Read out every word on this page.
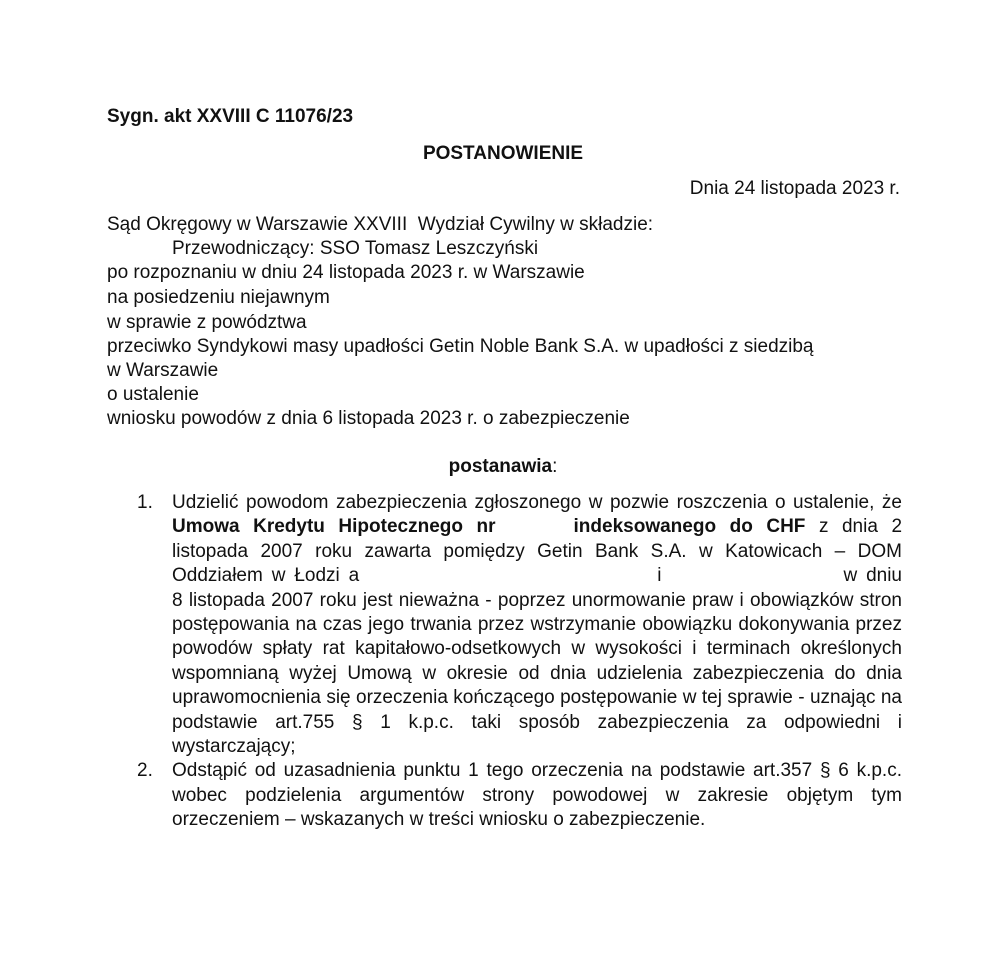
Sygn. akt XXVIII C 11076/23
POSTANOWIENIE
Dnia 24 listopada 2023 r.
Sąd Okręgowy w Warszawie XXVIII  Wydział Cywilny w składzie:
Przewodniczący: SSO Tomasz Leszczyński
po rozpoznaniu w dniu 24 listopada 2023 r. w Warszawie
na posiedzeniu niejawnym
w sprawie z powództwa
przeciwko Syndykowi masy upadłości Getin Noble Bank S.A. w upadłości z siedzibą
w Warszawie
o ustalenie
wniosku powodów z dnia 6 listopada 2023 r. o zabezpieczenie
postanawia:

1. Udzielić powodom zabezpieczenia zgłoszonego w pozwie roszczenia o ustalenie, że Umowa Kredytu Hipotecznego nr	indeksowanego do CHF z dnia 2 listopada 2007 roku zawarta pomiędzy Getin Bank S.A. w Katowicach – DOM Oddziałem w Łodzi a	i	w dniu 8 listopada 2007 roku jest nieważna - poprzez unormowanie praw i obowiązków stron postępowania na czas jego trwania przez wstrzymanie obowiązku dokonywania przez powodów spłaty rat kapitałowo-odsetkowych w wysokości i terminach określonych wspomnianą wyżej Umową w okresie od dnia udzielenia zabezpieczenia do dnia uprawomocnienia się orzeczenia kończącego postępowanie w tej sprawie - uznając na podstawie art.755 § 1 k.p.c. taki sposób zabezpieczenia za odpowiedni i wystarczający;

2. Odstąpić od uzasadnienia punktu 1 tego orzeczenia na podstawie art.357 § 6 k.p.c. wobec podzielenia argumentów strony powodowej w zakresie objętym tym orzeczeniem – wskazanych w treści wniosku o zabezpieczenie.
